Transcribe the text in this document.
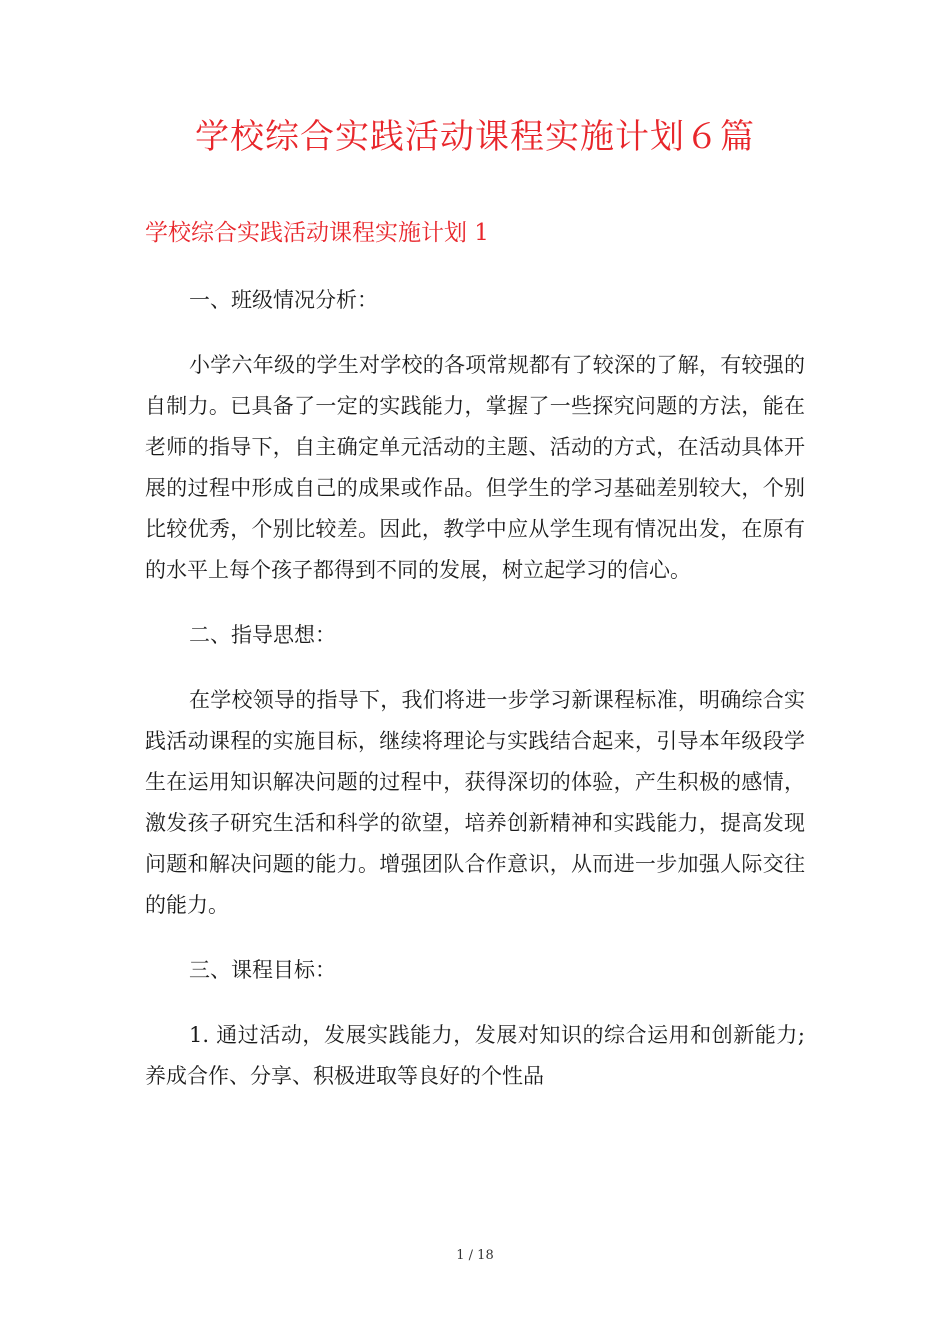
学校综合实践活动课程实施计划６篇
学校综合实践活动课程实施计划 1

一、班级情况分析：

小学六年级的学生对学校的各项常规都有了较深的了解，有较强的自制力。已具备了一定的实践能力，掌握了一些探究问题的方法，能在老师的指导下，自主确定单元活动的主题、活动的方式，在活动具体开展的过程中形成自己的成果或作品。但学生的学习基础差别较大，个别比较优秀，个别比较差。因此，教学中应从学生现有情况出发，在原有的水平上每个孩子都得到不同的发展，树立起学习的信心。

二、指导思想：

在学校领导的指导下，我们将进一步学习新课程标准，明确综合实践活动课程的实施目标，继续将理论与实践结合起来，引导本年级段学生在运用知识解决问题的过程中，获得深切的体验，产生积极的感情，激发孩子研究生活和科学的欲望，培养创新精神和实践能力，提高发现问题和解决问题的能力。增强团队合作意识，从而进一步加强人际交往的能力。

三、课程目标：

1. 通过活动，发展实践能力，发展对知识的综合运用和创新能力;养成合作、分享、积极进取等良好的个性品

1 / 18
